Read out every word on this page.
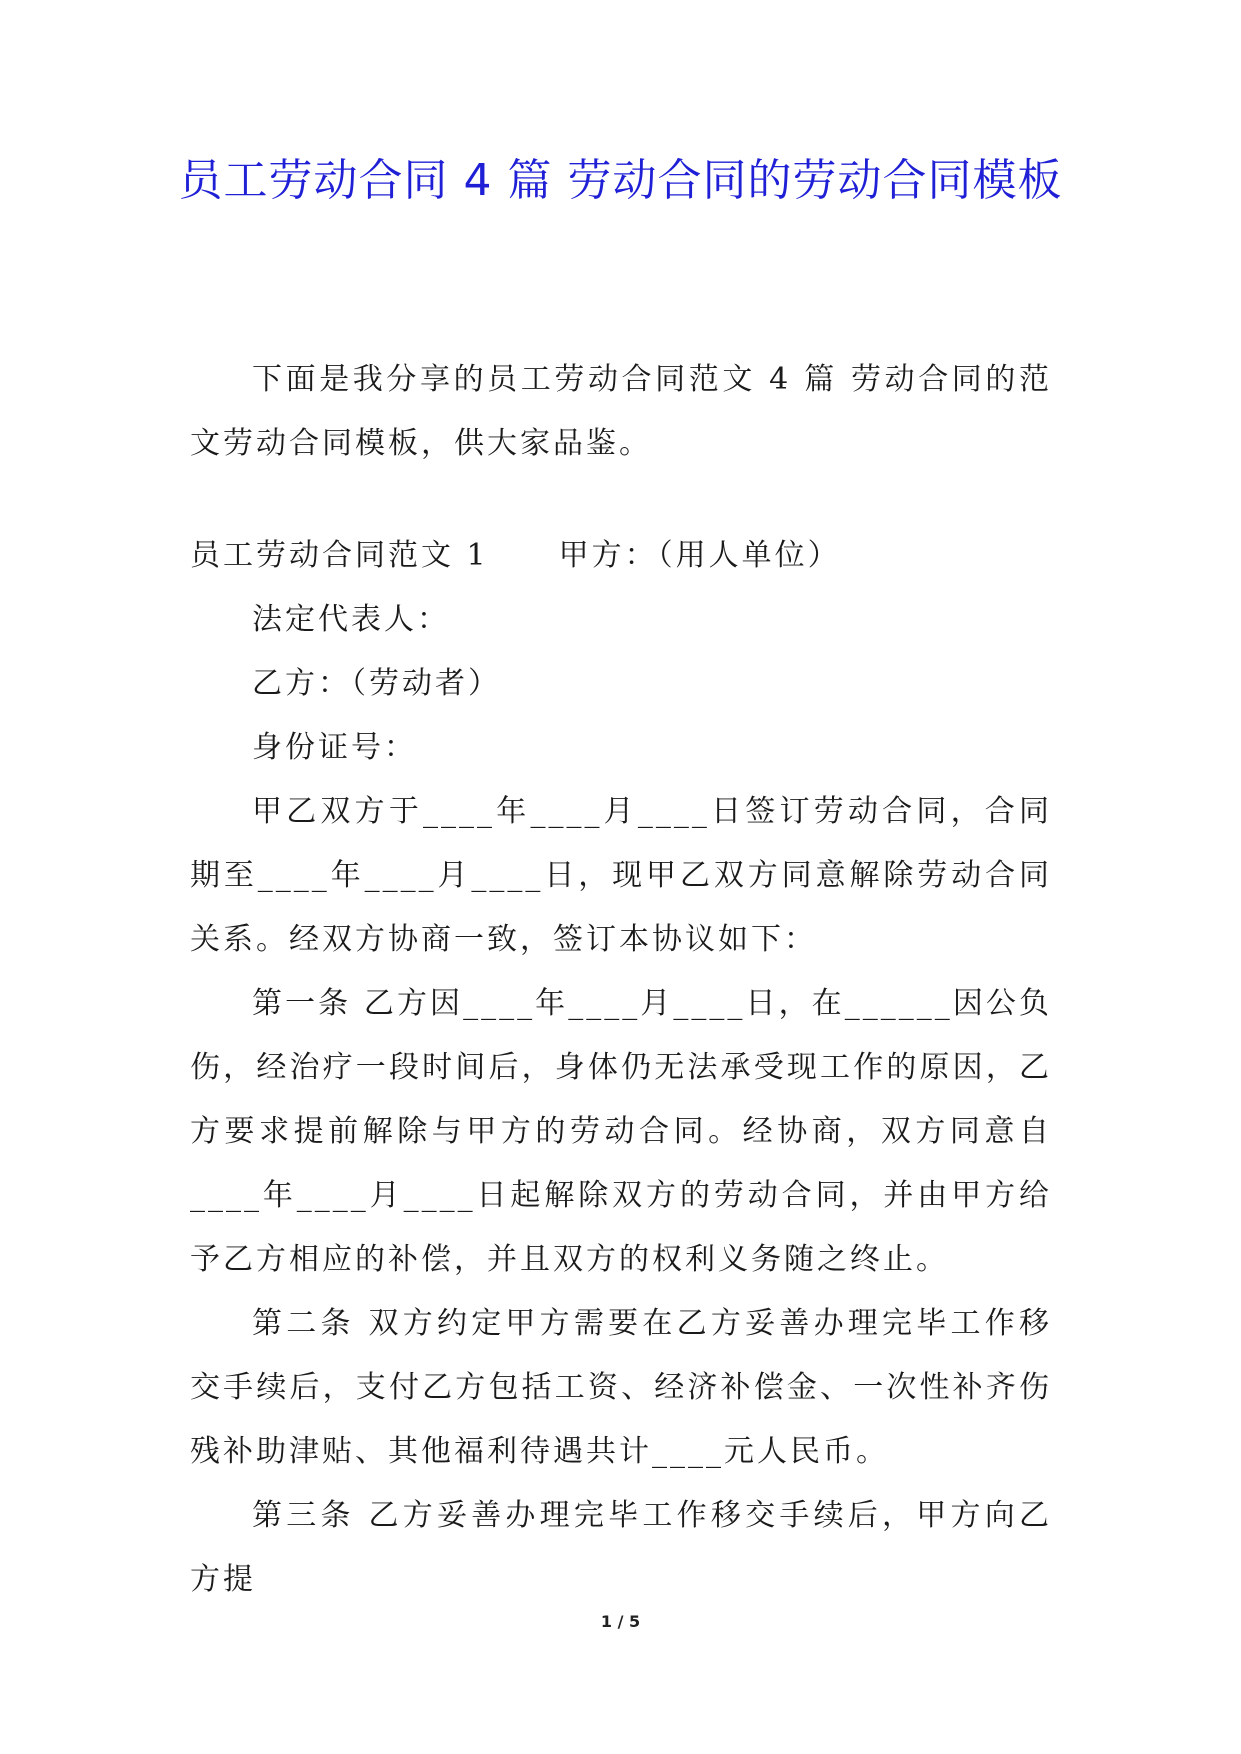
员工劳动合同 4 篇 劳动合同的劳动合同模板

下面是我分享的员工劳动合同范文 4 篇 劳动合同的范文劳动合同模板，供大家品鉴。

员工劳动合同范文 1 甲方：（用人单位）

法定代表人：

乙方：（劳动者）

身份证号：

甲乙双方于____年____月____日签订劳动合同，合同期至____年____月____日，现甲乙双方同意解除劳动合同关系。经双方协商一致，签订本协议如下：

第一条 乙方因____年____月____日，在______因公负伤，经治疗一段时间后，身体仍无法承受现工作的原因，乙方要求提前解除与甲方的劳动合同。经协商，双方同意自____年____月____日起解除双方的劳动合同，并由甲方给予乙方相应的补偿，并且双方的权利义务随之终止。

第二条 双方约定甲方需要在乙方妥善办理完毕工作移交手续后，支付乙方包括工资、经济补偿金、一次性补齐伤残补助津贴、其他福利待遇共计____元人民币。

第三条 乙方妥善办理完毕工作移交手续后，甲方向乙方提

1 / 5
